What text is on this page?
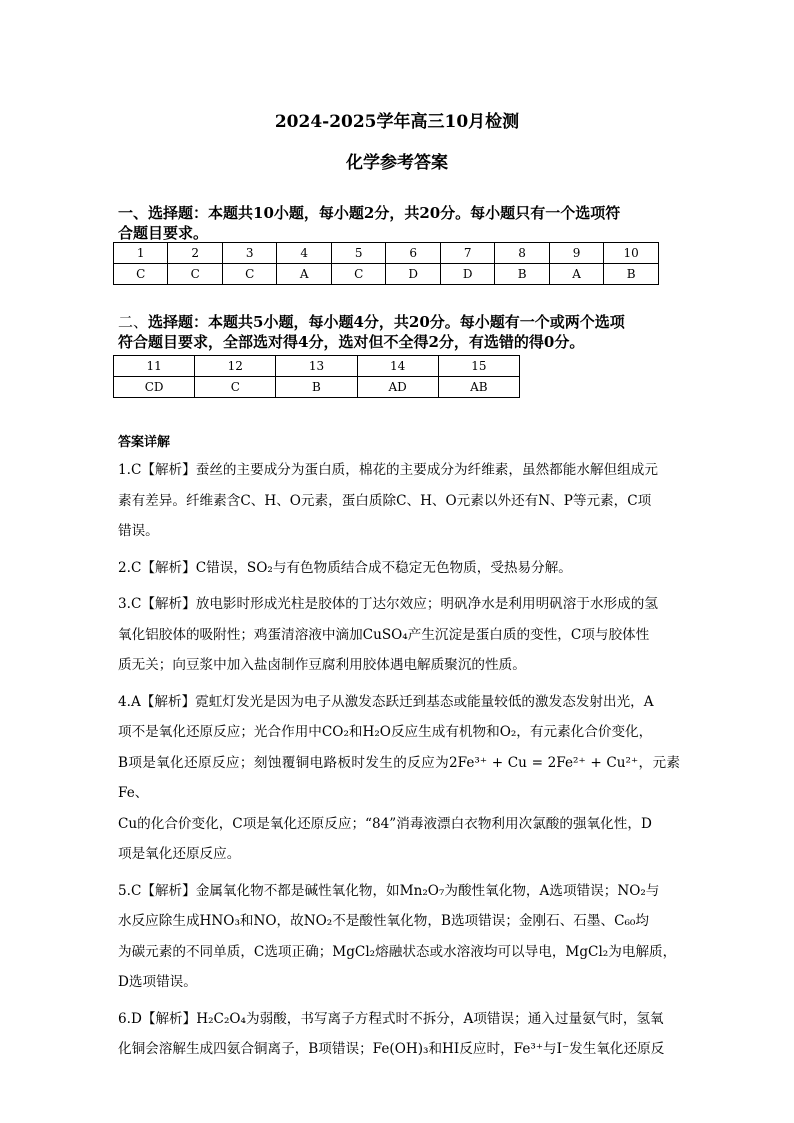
2024-2025学年高三10月检测
化学参考答案
一、选择题：本题共10小题，每小题2分，共20分。每小题只有一个选项符
合题目要求。
1	2	3	4	5	6	7	8	9	10
C	C	C	A	C	D	D	B	A	B
二、选择题：本题共5小题，每小题4分，共20分。每小题有一个或两个选项
符合题目要求，全部选对得4分，选对但不全得2分，有选错的得0分。
11	12	13	14	15
CD	C	B	AD	AB
答案详解

1.C【解析】蚕丝的主要成分为蛋白质，棉花的主要成分为纤维素，虽然都能水解但组成元
素有差异。纤维素含C、H、O元素，蛋白质除C、H、O元素以外还有N、P等元素，C项
错误。

2.C【解析】C错误，SO₂与有色物质结合成不稳定无色物质，受热易分解。

3.C【解析】放电影时形成光柱是胶体的丁达尔效应；明矾净水是利用明矾溶于水形成的氢
氧化铝胶体的吸附性；鸡蛋清溶液中滴加CuSO₄产生沉淀是蛋白质的变性，C项与胶体性
质无关；向豆浆中加入盐卤制作豆腐利用胶体遇电解质聚沉的性质。

4.A【解析】霓虹灯发光是因为电子从激发态跃迁到基态或能量较低的激发态发射出光，A
项不是氧化还原反应；光合作用中CO₂和H₂O反应生成有机物和O₂，有元素化合价变化，
B项是氧化还原反应；刻蚀覆铜电路板时发生的反应为2Fe³⁺ + Cu = 2Fe²⁺ + Cu²⁺，元素Fe、
Cu的化合价变化，C项是氧化还原反应；“84”消毒液漂白衣物利用次氯酸的强氧化性，D
项是氧化还原反应。

5.C【解析】金属氧化物不都是碱性氧化物，如Mn₂O₇为酸性氧化物，A选项错误；NO₂与
水反应除生成HNO₃和NO，故NO₂不是酸性氧化物，B选项错误；金刚石、石墨、C₆₀均
为碳元素的不同单质，C选项正确；MgCl₂熔融状态或水溶液均可以导电，MgCl₂为电解质，
D选项错误。

6.D【解析】H₂C₂O₄为弱酸，书写离子方程式时不拆分，A项错误；通入过量氨气时，氢氧
化铜会溶解生成四氨合铜离子，B项错误；Fe(OH)₃和HI反应时，Fe³⁺与I⁻发生氧化还原反
